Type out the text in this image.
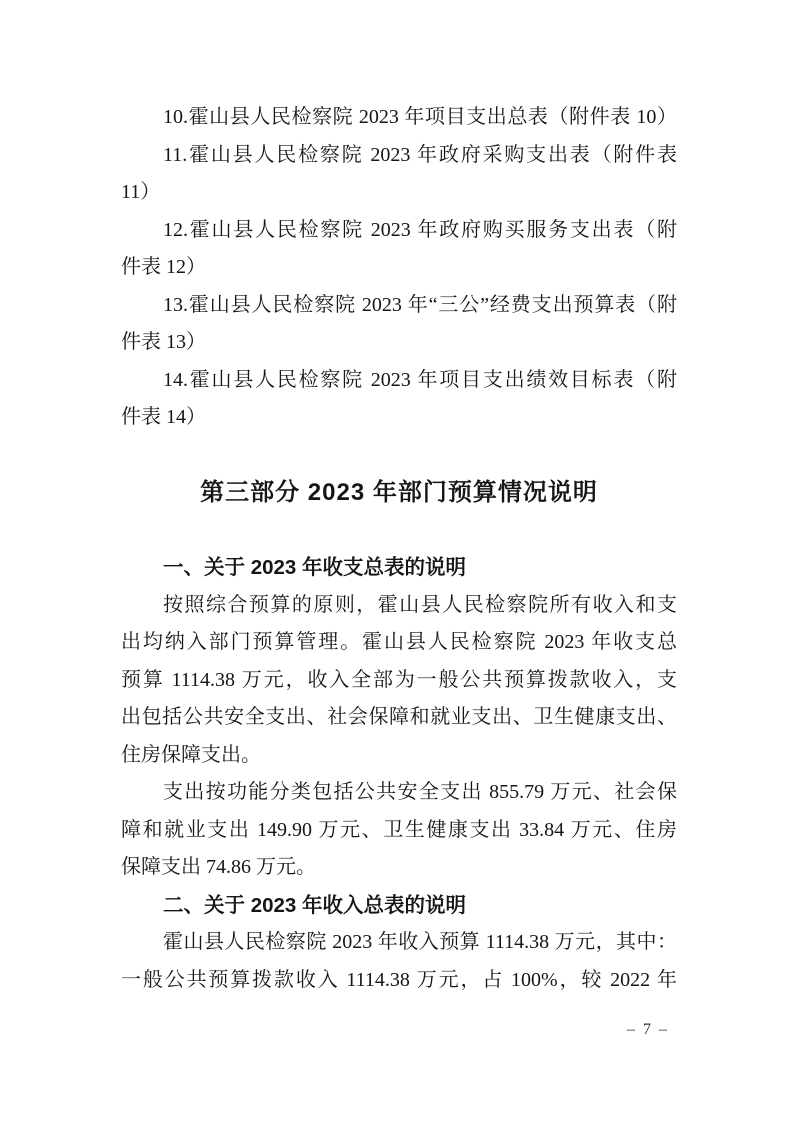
10.霍山县人民检察院 2023 年项目支出总表（附件表 10）
11.霍山县人民检察院 2023 年政府采购支出表（附件表
11）
12.霍山县人民检察院 2023 年政府购买服务支出表（附
件表 12）
13.霍山县人民检察院 2023 年“三公”经费支出预算表（附
件表 13）
14.霍山县人民检察院 2023 年项目支出绩效目标表（附
件表 14）
第三部分 2023 年部门预算情况说明
一、关于 2023 年收支总表的说明
按照综合预算的原则，霍山县人民检察院所有收入和支
出均纳入部门预算管理。霍山县人民检察院 2023 年收支总
预算 1114.38 万元，收入全部为一般公共预算拨款收入，支
出包括公共安全支出、社会保障和就业支出、卫生健康支出、
住房保障支出。
支出按功能分类包括公共安全支出 855.79 万元、社会保
障和就业支出 149.90 万元、卫生健康支出 33.84 万元、住房
保障支出 74.86 万元。
二、关于 2023 年收入总表的说明
霍山县人民检察院 2023 年收入预算 1114.38 万元，其中：
一般公共预算拨款收入 1114.38 万元，占 100%，较 2022 年
– 7 –
